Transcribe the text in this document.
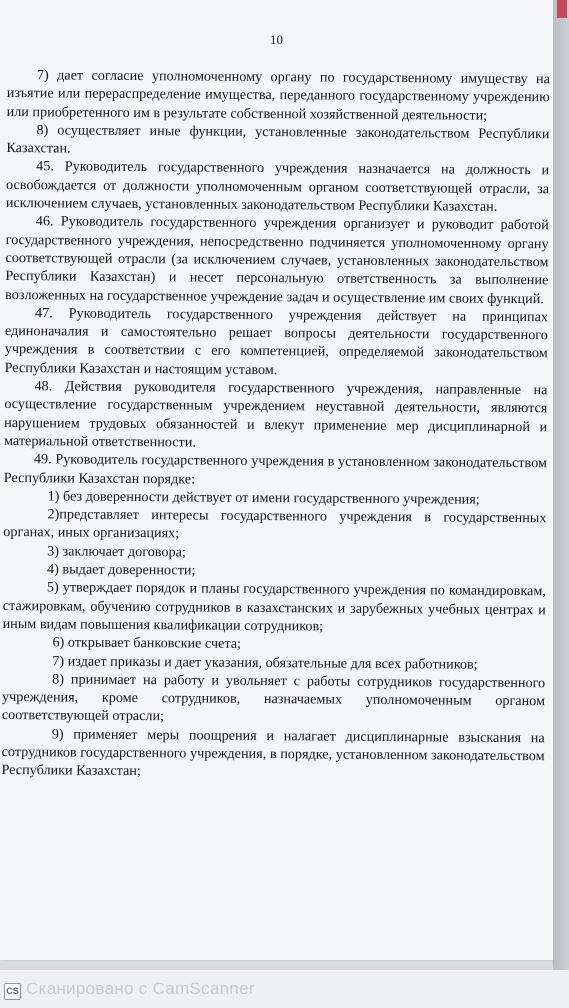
10

7) дает согласие уполномоченному органу по государственному имуществу на изъятие или перераспределение имущества, переданного государственному учреждению или приобретенного им в результате собственной хозяйственной деятельности;

8) осуществляет иные функции, установленные законодательством Республики Казахстан.

45. Руководитель государственного учреждения назначается на должность и освобождается от должности уполномоченным органом соответствующей отрасли, за исключением случаев, установленных законодательством Республики Казахстан.

46. Руководитель государственного учреждения организует и руководит работой государственного учреждения, непосредственно подчиняется уполномоченному органу соответствующей отрасли (за исключением случаев, установленных законодательством Республики Казахстан) и несет персональную ответственность за выполнение возложенных на государственное учреждение задач и осуществление им своих функций.

47. Руководитель государственного учреждения действует на принципах единоначалия и самостоятельно решает вопросы деятельности государственного учреждения в соответствии с его компетенцией, определяемой законодательством Республики Казахстан и настоящим уставом.

48. Действия руководителя государственного учреждения, направленные на осуществление государственным учреждением неуставной деятельности, являются нарушением трудовых обязанностей и влекут применение мер дисциплинарной и материальной ответственности.

49. Руководитель государственного учреждения в установленном законодательством Республики Казахстан порядке:

1) без доверенности действует от имени государственного учреждения;

2)представляет интересы государственного учреждения в государственных органах, иных организациях;

3) заключает договора;

4) выдает доверенности;

5) утверждает порядок и планы государственного учреждения по командировкам, стажировкам, обучению сотрудников в казахстанских и зарубежных учебных центрах и иным видам повышения квалификации сотрудников;

6) открывает банковские счета;

7) издает приказы и дает указания, обязательные для всех работников;

8) принимает на работу и увольняет с работы сотрудников государственного учреждения, кроме сотрудников, назначаемых уполномоченным органом соответствующей отрасли;

9) применяет меры поощрения и налагает дисциплинарные взыскания на сотрудников государственного учреждения, в порядке, установленном законодательством Республики Казахстан;

CS Сканировано с CamScanner
